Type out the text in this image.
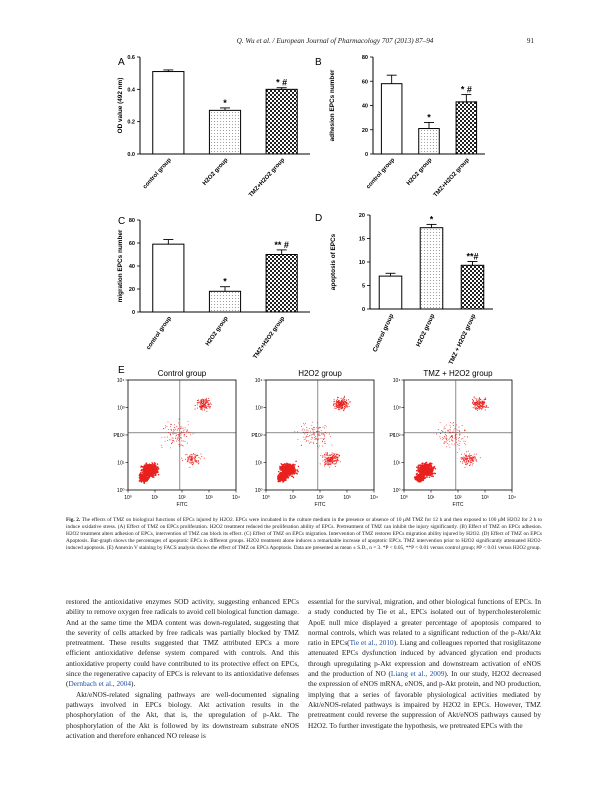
Q. Wu et al. / European Journal of Pharmacology 707 (2013) 87–94	91
A
0.0
0.2
0.4
0.6
OD value (492 nm)
control group
*
H2O2 group
* #
TMZ+H2O2 group
B
0
20
40
60
80
adhesion EPCs number
control group
*
H2O2 group
* #
TMZ+H2O2 group
C
0
20
40
60
80
migration EPCs number
control group
*
H2O2 group
** #
TMZ+H2O2 group
D
0
5
10
15
20
apoptosis of EPCs
Control group
*
H2O2 group
**#
TMZ + H2O2 group
E	Control group
10⁰
10⁰
10¹
10¹
10²
10²
10³
10³
10⁴
10⁴
FITC
PI
H2O2 group
10⁰
10⁰
10¹
10¹
10²
10²
10³
10³
10⁴
10⁴
FITC
PI
TMZ + H2O2 group
10⁰
10⁰
10¹
10¹
10²
10²
10³
10³
10⁴
10⁴
FITC
PI
Fig. 2. The effects of TMZ on biological functions of EPCs injured by H2O2. EPCs were incubated in the culture medium in the presence or absence of 10 μM TMZ for 12 h and then exposed to 100 μM H2O2 for 2 h to induce oxidative stress. (A) Effect of TMZ on EPCs proliferation. H2O2 treatment reduced the proliferation ability of EPCs. Pretreatment of TMZ can inhibit the injury significantly. (B) Effect of TMZ on EPCs adhesion. H2O2 treatment alters adhesion of EPCs, intervention of TMZ can block its effect. (C) Effect of TMZ on EPCs migration. Intervention of TMZ restores EPCs migration ability injured by H2O2. (D) Effect of TMZ on EPCs Apoptosis. Bar-graph shows the percentages of apoptotic EPCs in different groups. H2O2 treatment alone induces a remarkable increase of apoptotic EPCs. TMZ intervention prior to H2O2 significantly attenuated H2O2-induced apoptosis. (E) Annexin V staining by FACS analysis shows the effect of TMZ on EPCs Apoptosis. Data are presented as mean ± S.D., n = 3. *P < 0.05, **P < 0.01 versus control group; #P < 0.01 versus H2O2 group.

restored the antioxidative enzymes SOD activity, suggesting enhanced EPCs ability to remove oxygen free radicals to avoid cell biological function damage. And at the same time the MDA content was down-regulated, suggesting that the severity of cells attacked by free radicals was partially blocked by TMZ pretreatment. These results suggested that TMZ attributed EPCs a more efficient antioxidative defense system compared with controls. And this antioxidative property could have contributed to its protective effect on EPCs, since the regenerative capacity of EPCs is relevant to its antioxidative defenses (Dernbach et al., 2004).

Akt/eNOS-related signaling pathways are well-documented signaling pathways involved in EPCs biology. Akt activation results in the phosphorylation of the Akt, that is, the upregulation of p-Akt. The phosphorylation of the Akt is followed by its downstream substrate eNOS activation and therefore enhanced NO release is

essential for the survival, migration, and other biological functions of EPCs. In a study conducted by Tie et al., EPCs isolated out of hypercholesterolemic ApoE null mice displayed a greater percentage of apoptosis compared to normal controls, which was related to a significant reduction of the p-Akt/Akt ratio in EPCs(Tie et al., 2010). Liang and colleagues reported that rosiglitazone attenuated EPCs dysfunction induced by advanced glycation end products through upregulating p-Akt expression and downstream activation of eNOS and the production of NO (Liang et al., 2009). In our study, H2O2 decreased the expression of eNOS mRNA, eNOS, and p-Akt protein, and NO production, implying that a series of favorable physiological activities mediated by Akt/eNOS-related pathways is impaired by H2O2 in EPCs. However, TMZ pretreatment could reverse the suppression of Akt/eNOS pathways caused by H2O2. To further investigate the hypothesis, we pretreated EPCs with the
